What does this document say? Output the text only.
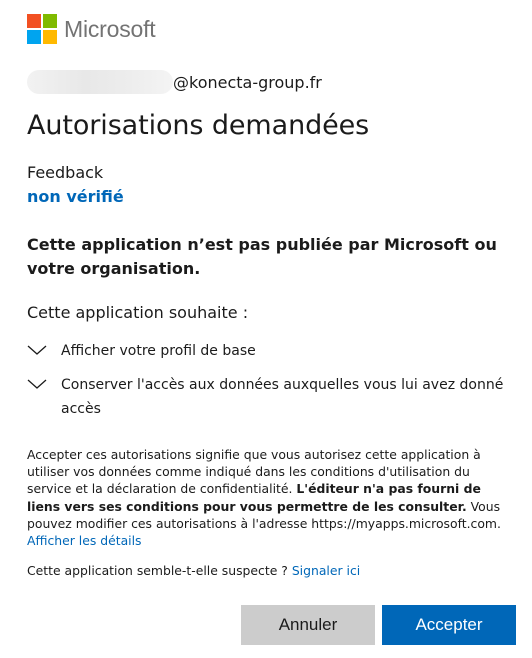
Microsoft
@konecta-group.fr
Autorisations demandées
Feedback
non vérifié
Cette application n’est pas publiée par Microsoft ou votre organisation.
Cette application souhaite :
Afficher votre profil de base
Conserver l'accès aux données auxquelles vous lui avez donné accès
Accepter ces autorisations signifie que vous autorisez cette application à utiliser vos données comme indiqué dans les conditions d'utilisation du service et la déclaration de confidentialité. L'éditeur n'a pas fourni de liens vers ses conditions pour vous permettre de les consulter. Vous pouvez modifier ces autorisations à l'adresse https://myapps.microsoft.com. Afficher les détails
Cette application semble-t-elle suspecte ? Signaler ici
Annuler	Accepter
